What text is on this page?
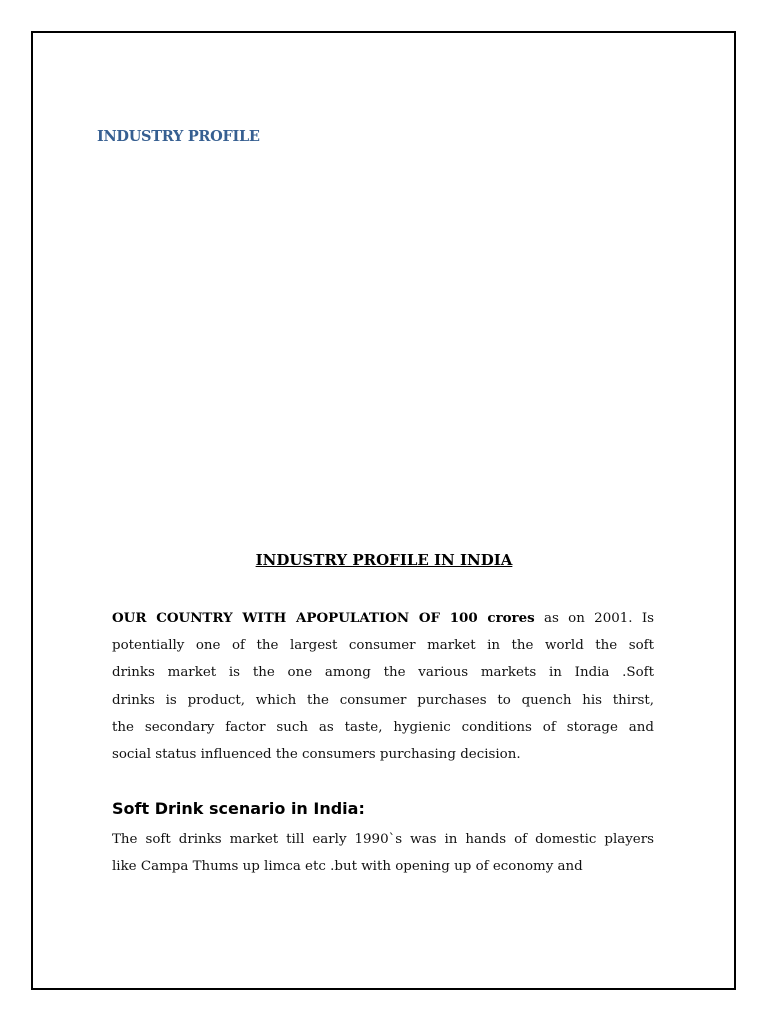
INDUSTRY PROFILE
INDUSTRY PROFILE IN INDIA
OUR COUNTRY WITH APOPULATION OF 100 crores as on 2001. Is
potentially one of the largest consumer market in the world the soft
drinks market is the one among the various markets in India .Soft
drinks is product, which the consumer purchases to quench his thirst,
the secondary factor such as taste, hygienic conditions of storage and
social status influenced the consumers purchasing decision.
Soft Drink scenario in India:
The soft drinks market till early 1990`s was in hands of domestic players
like Campa Thums up limca etc .but with opening up of economy and
